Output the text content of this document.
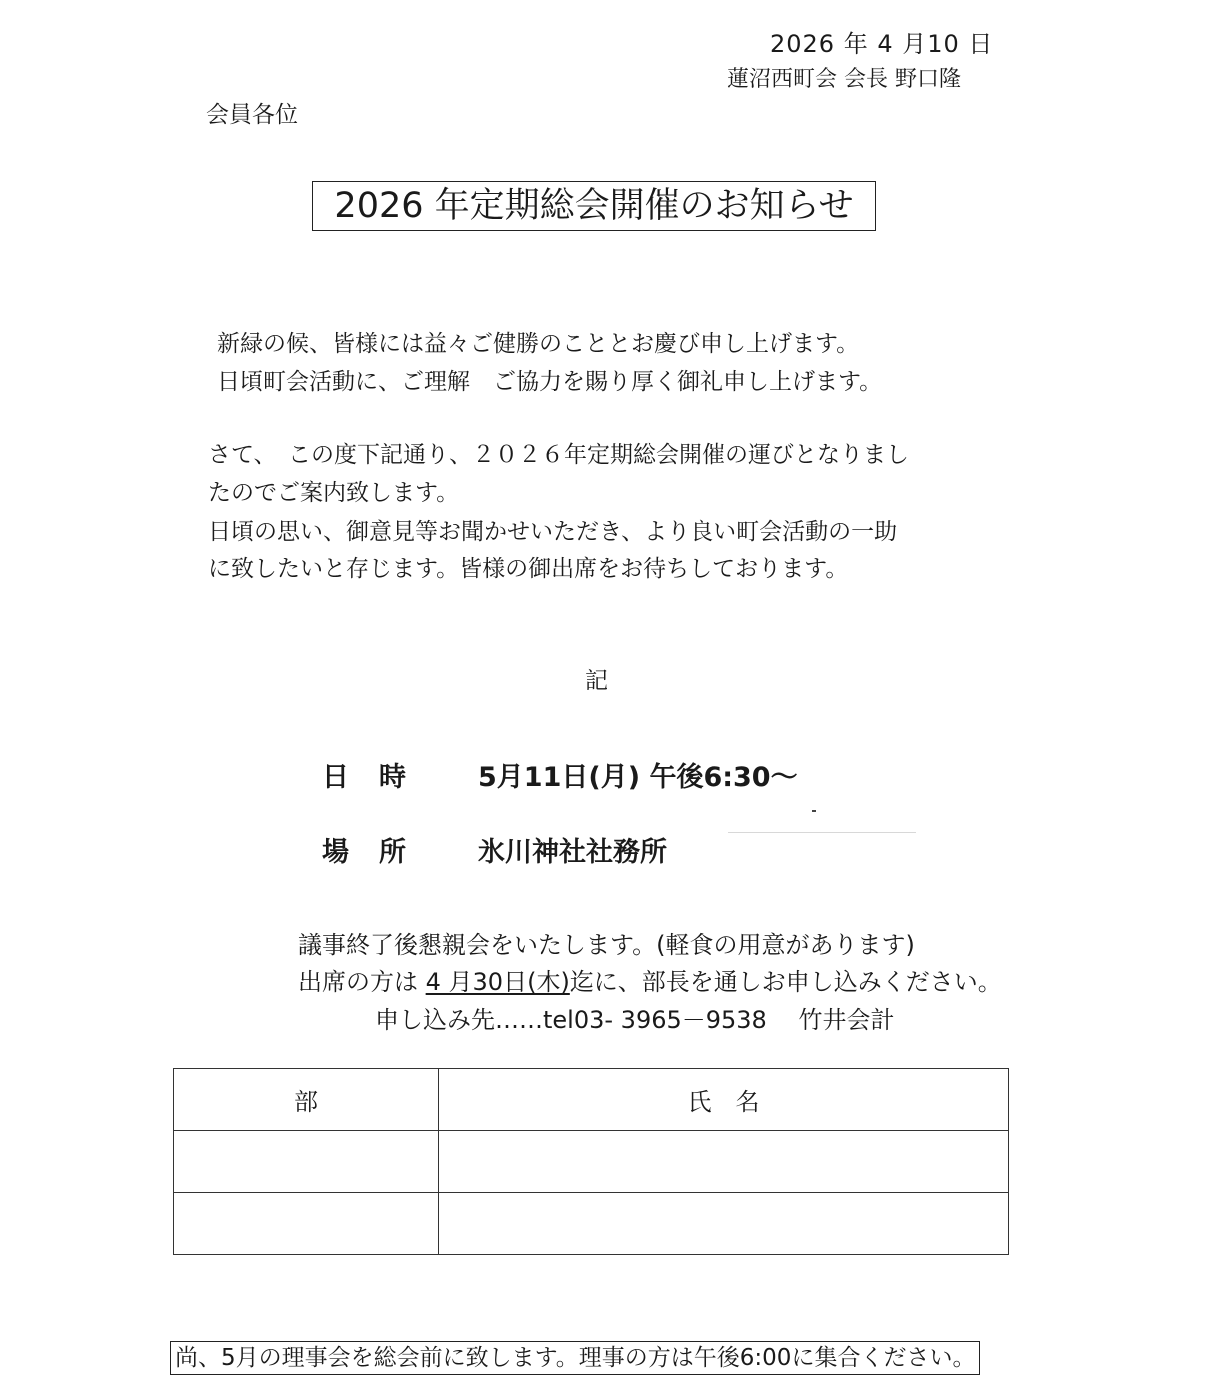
2026 年 4 月10 日
蓮沼西町会 会長 野口隆
会員各位
2026 年定期総会開催のお知らせ
新緑の候、皆様には益々ご健勝のこととお慶び申し上げます。
日頃町会活動に、ご理解　ご協力を賜り厚く御礼申し上げます。
さて、　この度下記通り、２０２６年定期総会開催の運びとなりまし
たのでご案内致します。
日頃の思い、御意見等お聞かせいただき、より良い町会活動の一助
に致したいと存じます。皆様の御出席をお待ちしております。
記
日時 5月11日(月) 午後6:30～
場所 氷川神社社務所
議事終了後懇親会をいたします。(軽食の用意があります)
出席の方は 4 月30日(木)迄に、部長を通しお申し込みください。
申し込み先……tel03- 3965－9538　 竹井会計
部	氏　名

尚、5月の理事会を総会前に致します。理事の方は午後6:00に集合ください。
